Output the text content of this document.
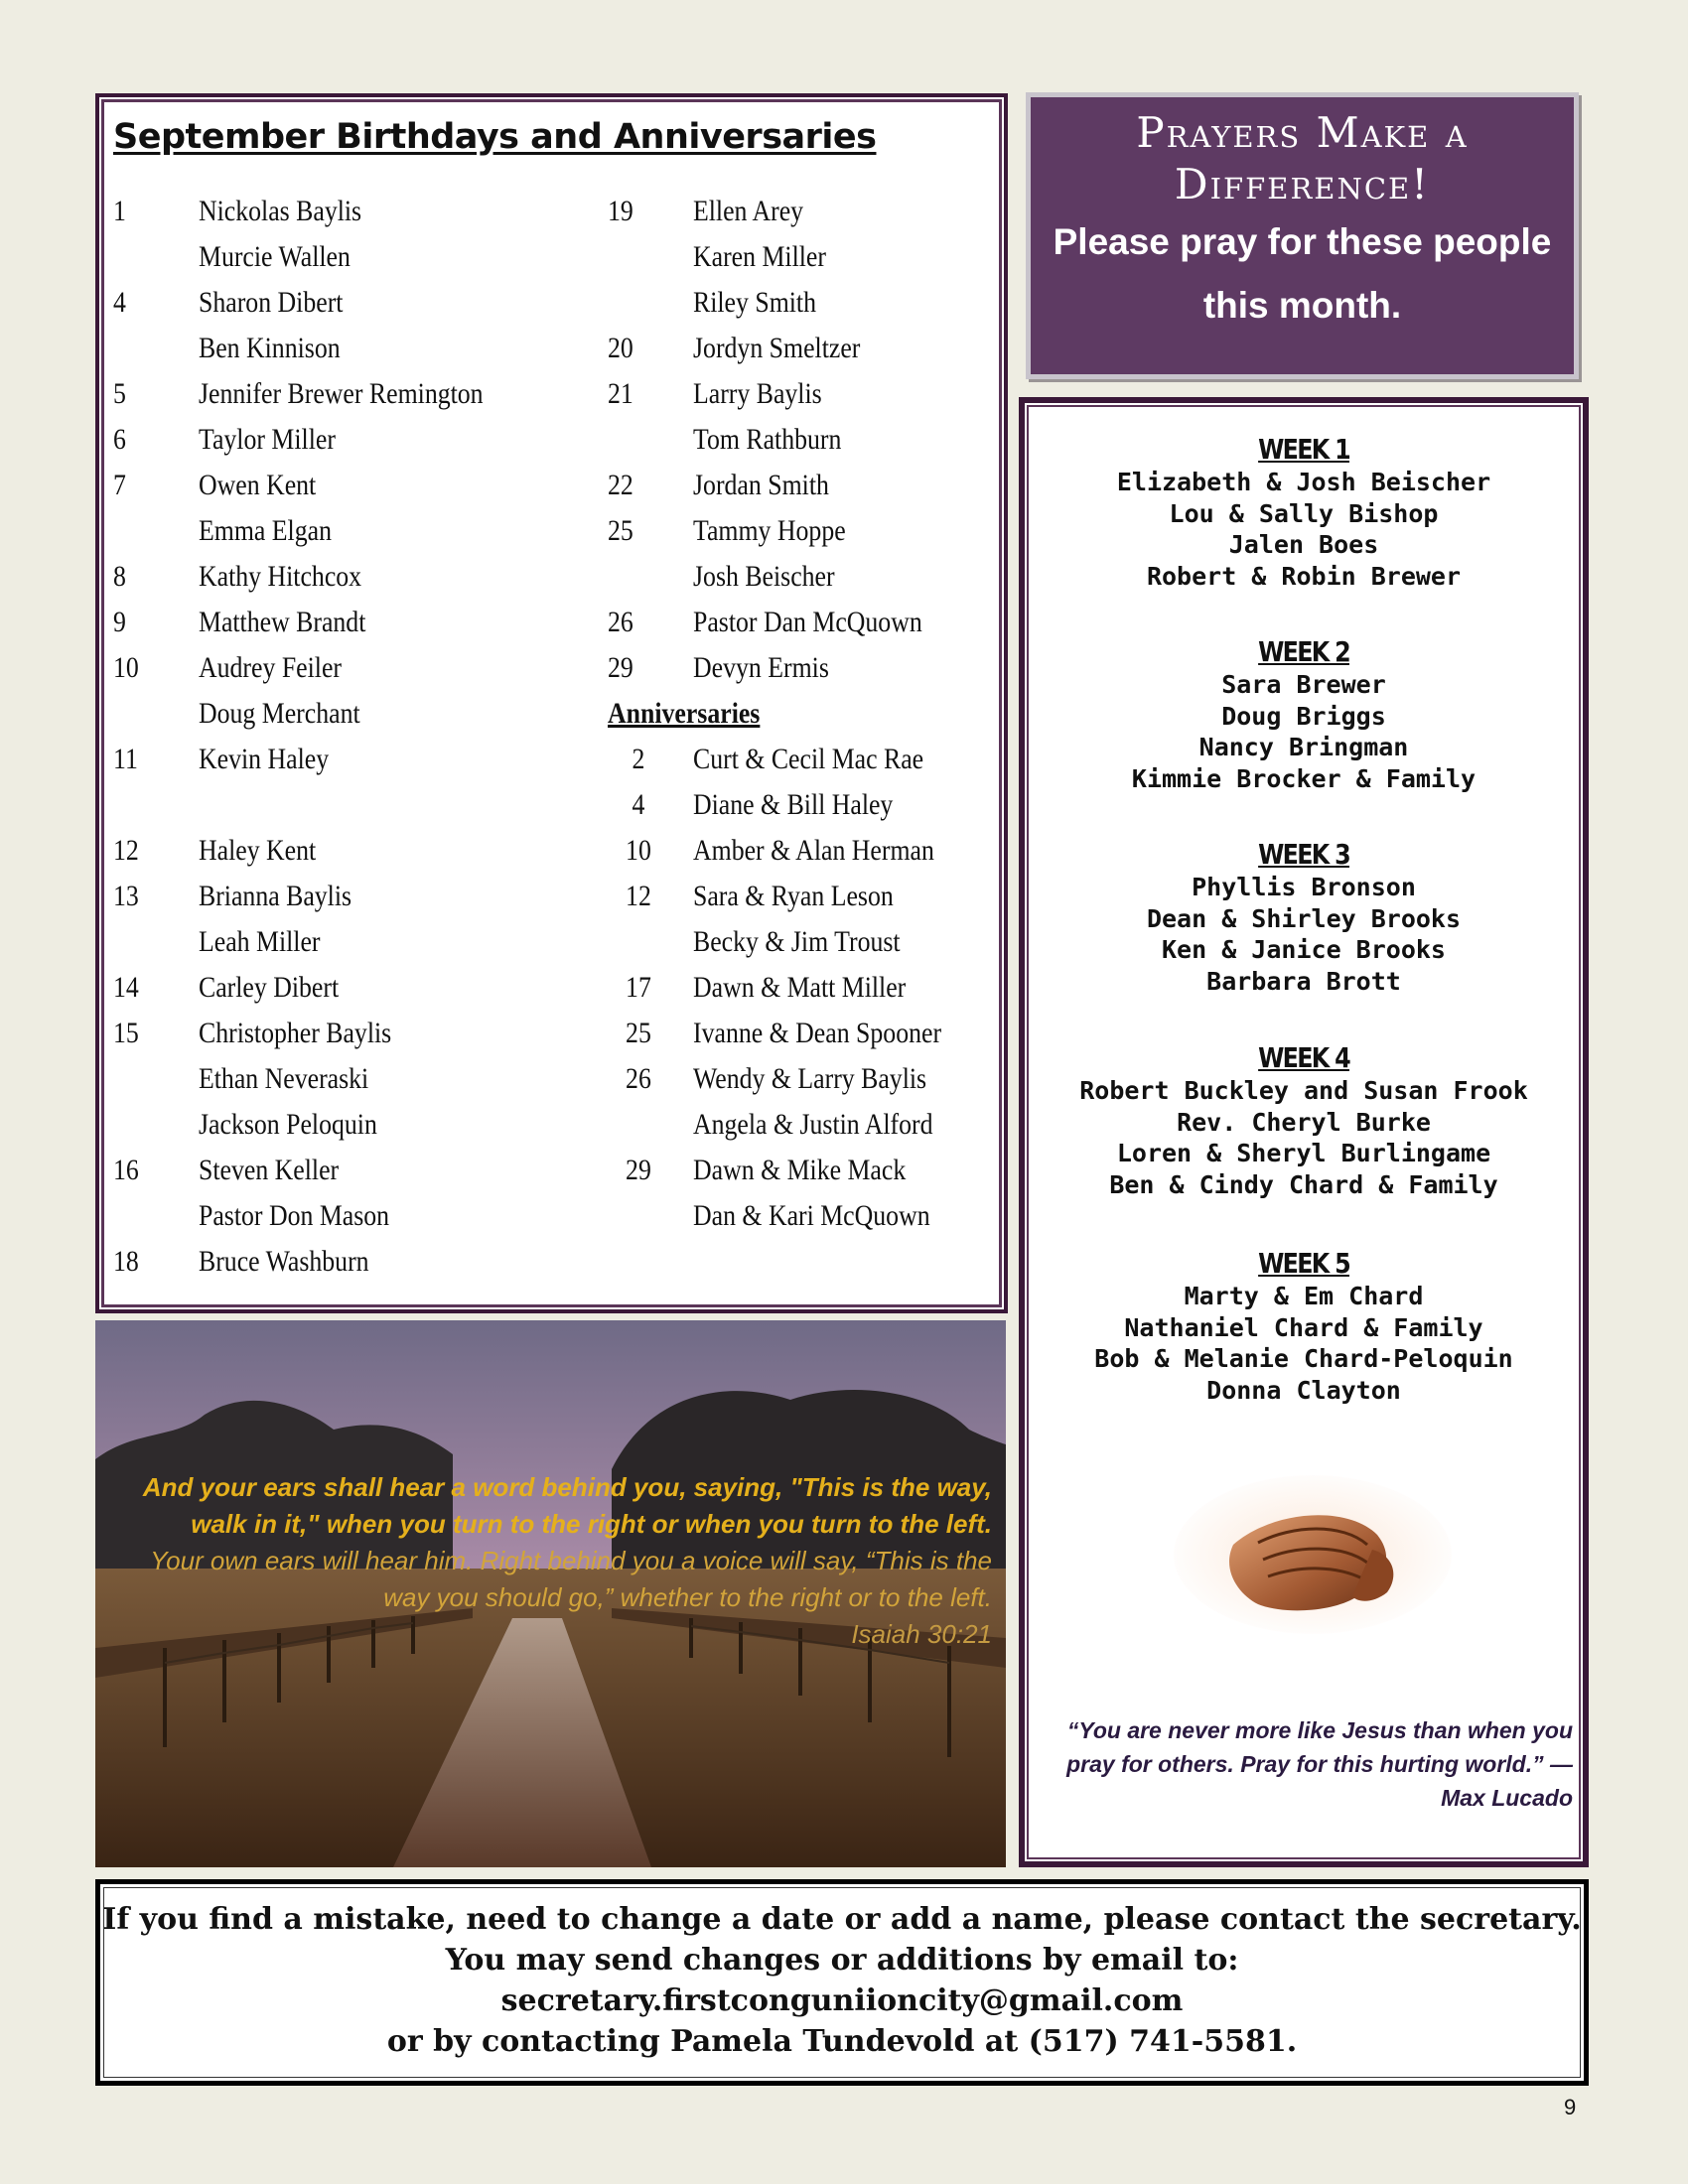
September Birthdays and Anniversaries
1	Nickolas Baylis
Murcie Wallen
4	Sharon Dibert
Ben Kinnison
5	Jennifer Brewer Remington
6	Taylor Miller
7	Owen Kent
Emma Elgan
8	Kathy Hitchcox
9	Matthew Brandt
10	Audrey Feiler
Doug Merchant
11	Kevin Haley
12	Haley Kent
13	Brianna Baylis
Leah Miller
14	Carley Dibert
15	Christopher Baylis
Ethan Neveraski
Jackson Peloquin
16	Steven Keller
Pastor Don Mason
18	Bruce Washburn
19	Ellen Arey
Karen Miller
Riley Smith
20	Jordyn Smeltzer
21	Larry Baylis
Tom Rathburn
22	Jordan Smith
25	Tammy Hoppe
Josh Beischer
26	Pastor Dan McQuown
29	Devyn Ermis
Anniversaries
2	Curt & Cecil Mac Rae
4	Diane & Bill Haley
10	Amber & Alan Herman
12	Sara & Ryan Leson
Becky & Jim Troust
17	Dawn & Matt Miller
25	Ivanne & Dean Spooner
26	Wendy & Larry Baylis
Angela & Justin Alford
29	Dawn & Mike Mack
Dan & Kari McQuown
Prayers Make a Difference!
Please pray for these people this month.
WEEK 1
Elizabeth & Josh Beischer
Lou & Sally Bishop
Jalen Boes
Robert & Robin Brewer
WEEK 2
Sara Brewer
Doug Briggs
Nancy Bringman
Kimmie Brocker & Family
WEEK 3
Phyllis Bronson
Dean & Shirley Brooks
Ken & Janice Brooks
Barbara Brott
WEEK 4
Robert Buckley and Susan Frook
Rev. Cheryl Burke
Loren & Sheryl Burlingame
Ben & Cindy Chard & Family
WEEK 5
Marty & Em Chard
Nathaniel Chard & Family
Bob & Melanie Chard-Peloquin
Donna Clayton
“You are never more like Jesus than when you pray for others. Pray for this hurting world.” —
Max Lucado
And your ears shall hear a word behind you, saying, "This is the way, walk in it," when you turn to the right or when you turn to the left.
Your own ears will hear him. Right behind you a voice will say, “This is the way you should go,” whether to the right or to the left.
Isaiah 30:21
If you find a mistake, need to change a date or add a name, please contact the secretary. You may send changes or additions by email to:
secretary.firstconguniioncity@gmail.com
or by contacting Pamela Tundevold at (517) 741-5581.
9
